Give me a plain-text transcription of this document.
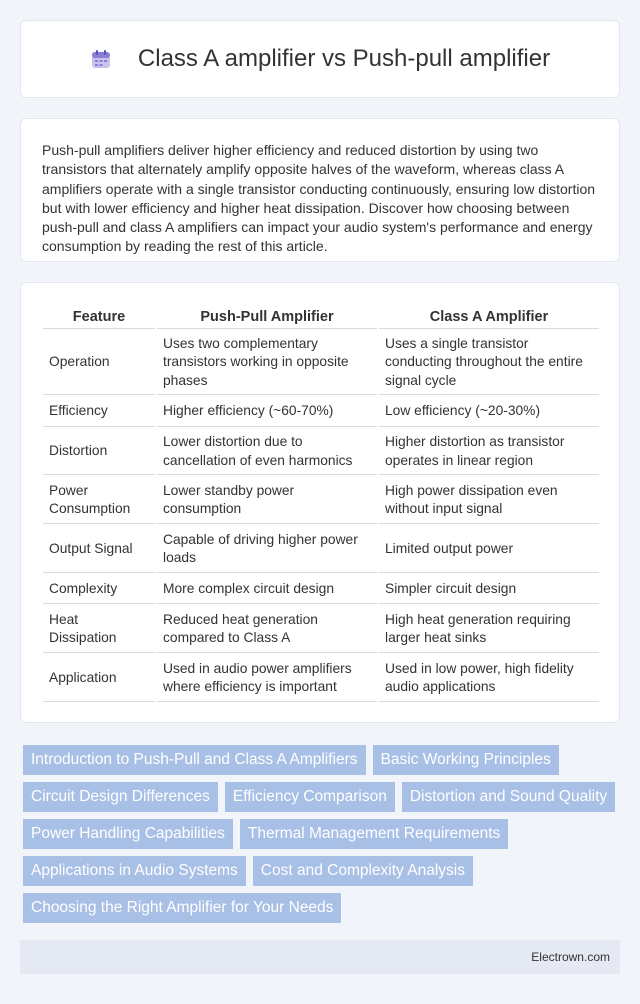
Class A amplifier vs Push-pull amplifier

Push-pull amplifiers deliver higher efficiency and reduced distortion by using two transistors that alternately amplify opposite halves of the waveform, whereas class A amplifiers operate with a single transistor conducting continuously, ensuring low distortion but with lower efficiency and higher heat dissipation. Discover how choosing between push-pull and class A amplifiers can impact your audio system's performance and energy consumption by reading the rest of this article.

Feature	Push-Pull Amplifier	Class A Amplifier
Operation	Uses two complementary transistors working in opposite phases	Uses a single transistor conducting throughout the entire signal cycle
Efficiency	Higher efficiency (~60-70%)	Low efficiency (~20-30%)
Distortion	Lower distortion due to cancellation of even harmonics	Higher distortion as transistor operates in linear region
Power Consumption	Lower standby power consumption	High power dissipation even without input signal
Output Signal	Capable of driving higher power loads	Limited output power
Complexity	More complex circuit design	Simpler circuit design
Heat Dissipation	Reduced heat generation compared to Class A	High heat generation requiring larger heat sinks
Application	Used in audio power amplifiers where efficiency is important	Used in low power, high fidelity audio applications
Introduction to Push-Pull and Class A Amplifiers	Basic Working Principles
Circuit Design Differences	Efficiency Comparison	Distortion and Sound Quality
Power Handling Capabilities	Thermal Management Requirements
Applications in Audio Systems	Cost and Complexity Analysis
Choosing the Right Amplifier for Your Needs
Electrown.com
